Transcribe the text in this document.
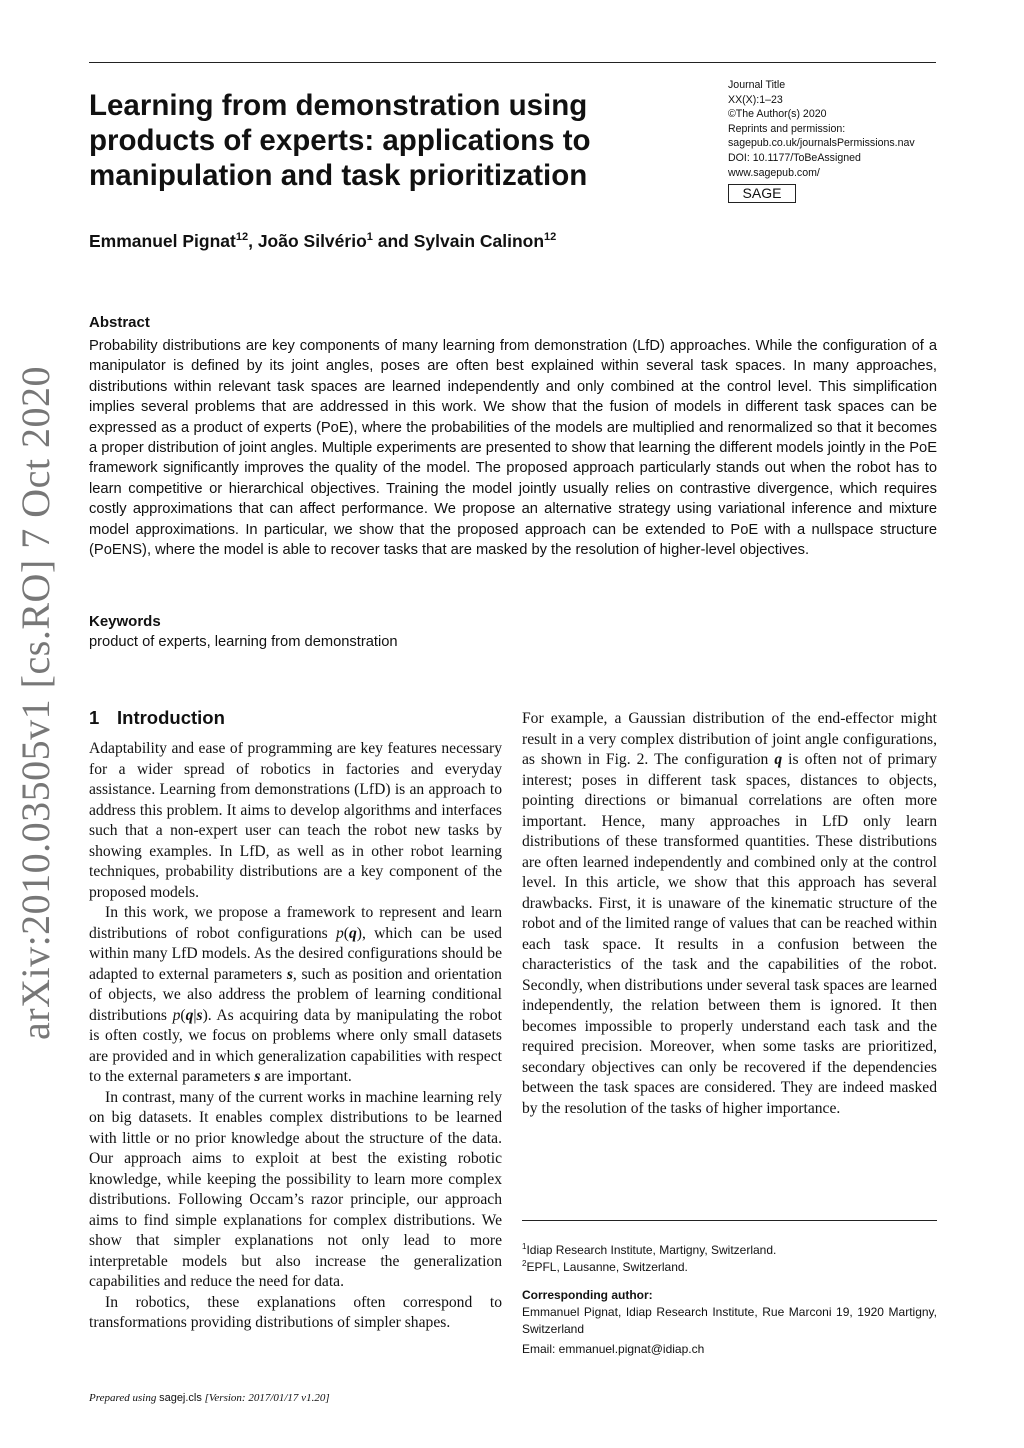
Learning from demonstration using
products of experts: applications to
manipulation and task prioritization
Journal Title
XX(X):1–23
©The Author(s) 2020
Reprints and permission:
sagepub.co.uk/journalsPermissions.nav
DOI: 10.1177/ToBeAssigned
www.sagepub.com/
SAGE
Emmanuel Pignat$^{12}$, João Silvério$^1$ and Sylvain Calinon$^{12}$
Abstract

Probability distributions are key components of many learning from demonstration (LfD) approaches. While the configuration of a manipulator is defined by its joint angles, poses are often best explained within several task spaces. In many approaches, distributions within relevant task spaces are learned independently and only combined at the control level. This simplification implies several problems that are addressed in this work. We show that the fusion of models in different task spaces can be expressed as a product of experts (PoE), where the probabilities of the models are multiplied and renormalized so that it becomes a proper distribution of joint angles. Multiple experiments are presented to show that learning the different models jointly in the PoE framework significantly improves the quality of the model. The proposed approach particularly stands out when the robot has to learn competitive or hierarchical objectives. Training the model jointly usually relies on contrastive divergence, which requires costly approximations that can affect performance. We propose an alternative strategy using variational inference and mixture model approximations. In particular, we show that the proposed approach can be extended to PoE with a nullspace structure (PoENS), where the model is able to recover tasks that are masked by the resolution of higher-level objectives.

Keywords
product of experts, learning from demonstration
arXiv:2010.03505v1 [cs.RO] 7 Oct 2020 1 Introduction

Adaptability and ease of programming are key features necessary for a wider spread of robotics in factories and everyday assistance. Learning from demonstrations (LfD) is an approach to address this problem. It aims to develop algorithms and interfaces such that a non-expert user can teach the robot new tasks by showing examples. In LfD, as well as in other robot learning techniques, probability distributions are a key component of the proposed models.

In this work, we propose a framework to represent and learn distributions of robot configurations p(q), which can be used within many LfD models. As the desired configurations should be adapted to external parameters s, such as position and orientation of objects, we also address the problem of learning conditional distributions p(q|s). As acquiring data by manipulating the robot is often costly, we focus on problems where only small datasets are provided and in which generalization capabilities with respect to the external parameters s are important.

In contrast, many of the current works in machine learning rely on big datasets. It enables complex distributions to be learned with little or no prior knowledge about the structure of the data. Our approach aims to exploit at best the existing robotic knowledge, while keeping the possibility to learn more complex distributions. Following Occam’s razor principle, our approach aims to find simple explanations for complex distributions. We show that simpler explanations not only lead to more interpretable models but also increase the generalization capabilities and reduce the need for data.

In robotics, these explanations often correspond to transformations providing distributions of simpler shapes.

For example, a Gaussian distribution of the end-effector might result in a very complex distribution of joint angle configurations, as shown in Fig. 2. The configuration q is often not of primary interest; poses in different task spaces, distances to objects, pointing directions or bimanual correlations are often more important. Hence, many approaches in LfD only learn distributions of these transformed quantities. These distributions are often learned independently and combined only at the control level. In this article, we show that this approach has several drawbacks. First, it is unaware of the kinematic structure of the robot and of the limited range of values that can be reached within each task space. It results in a confusion between the characteristics of the task and the capabilities of the robot. Secondly, when distributions under several task spaces are learned independently, the relation between them is ignored. It then becomes impossible to properly understand each task and the required precision. Moreover, when some tasks are prioritized, secondary objectives can only be recovered if the dependencies between the task spaces are considered. They are indeed masked by the resolution of the tasks of higher importance.

$^1$Idiap Research Institute, Martigny, Switzerland.
$^2$EPFL, Lausanne, Switzerland.
Corresponding author:
Emmanuel Pignat, Idiap Research Institute, Rue Marconi 19, 1920 Martigny, Switzerland
Email: emmanuel.pignat@idiap.ch
Prepared using sagej.cls [Version: 2017/01/17 v1.20]
